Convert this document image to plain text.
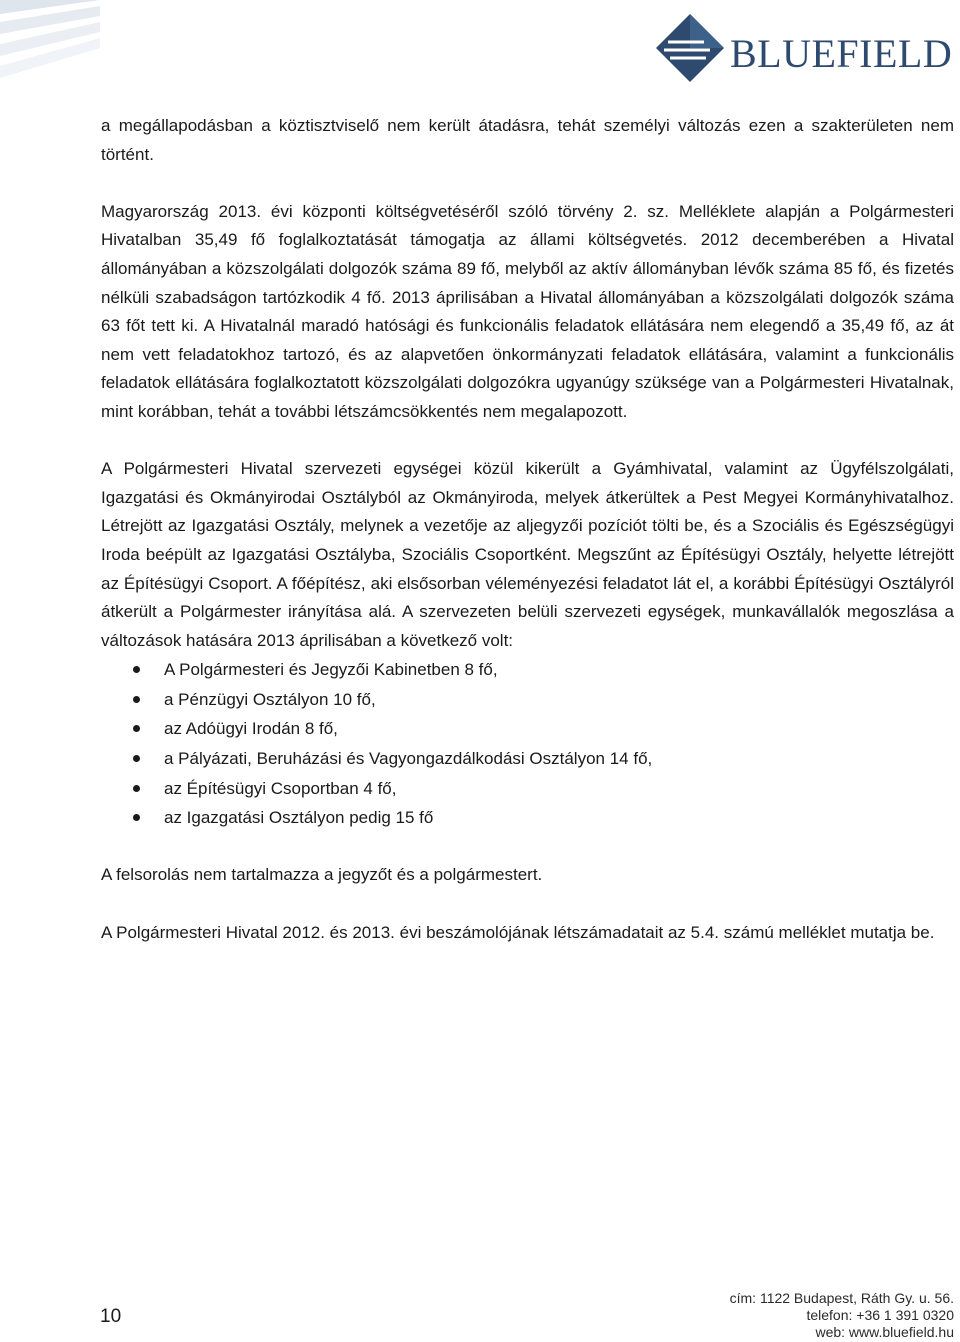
BLUEFIELD

a megállapodásban a köztisztviselő nem került átadásra, tehát személyi változás ezen a szakterületen nem történt.

Magyarország 2013. évi központi költségvetéséről szóló törvény 2. sz. Melléklete alapján a Polgármesteri Hivatalban 35,49 fő foglalkoztatását támogatja az állami költségvetés. 2012 decemberében a Hivatal állományában a közszolgálati dolgozók száma 89 fő, melyből az aktív állományban lévők száma 85 fő, és fizetés nélküli szabadságon tartózkodik 4 fő. 2013 áprilisában a Hivatal állományában a közszolgálati dolgozók száma 63 főt tett ki. A Hivatalnál maradó hatósági és funkcionális feladatok ellátására nem elegendő a 35,49 fő, az át nem vett feladatokhoz tartozó, és az alapvetően önkormányzati feladatok ellátására, valamint a funkcionális feladatok ellátására foglalkoztatott közszolgálati dolgozókra ugyanúgy szüksége van a Polgármesteri Hivatalnak, mint korábban, tehát a további létszámcsökkentés nem megalapozott.

A Polgármesteri Hivatal szervezeti egységei közül kikerült a Gyámhivatal, valamint az Ügyfélszolgálati, Igazgatási és Okmányirodai Osztályból az Okmányiroda, melyek átkerültek a Pest Megyei Kormányhivatalhoz. Létrejött az Igazgatási Osztály, melynek a vezetője az aljegyzői pozíciót tölti be, és a Szociális és Egészségügyi Iroda beépült az Igazgatási Osztályba, Szociális Csoportként. Megszűnt az Építésügyi Osztály, helyette létrejött az Építésügyi Csoport. A főépítész, aki elsősorban véleményezési feladatot lát el, a korábbi Építésügyi Osztályról átkerült a Polgármester irányítása alá. A szervezeten belüli szervezeti egységek, munkavállalók megoszlása a változások hatására 2013 áprilisában a következő volt:

A Polgármesteri és Jegyzői Kabinetben 8 fő,
a Pénzügyi Osztályon 10 fő,
az Adóügyi Irodán 8 fő,
a Pályázati, Beruházási és Vagyongazdálkodási Osztályon 14 fő,
az Építésügyi Csoportban 4 fő,
az Igazgatási Osztályon pedig 15 fő

A felsorolás nem tartalmazza a jegyzőt és a polgármestert.

A Polgármesteri Hivatal 2012. és 2013. évi beszámolójának létszámadatait az 5.4. számú melléklet mutatja be.

10
cím: 1122 Budapest, Ráth Gy. u. 56.
telefon: +36 1 391 0320
web: www.bluefield.hu
